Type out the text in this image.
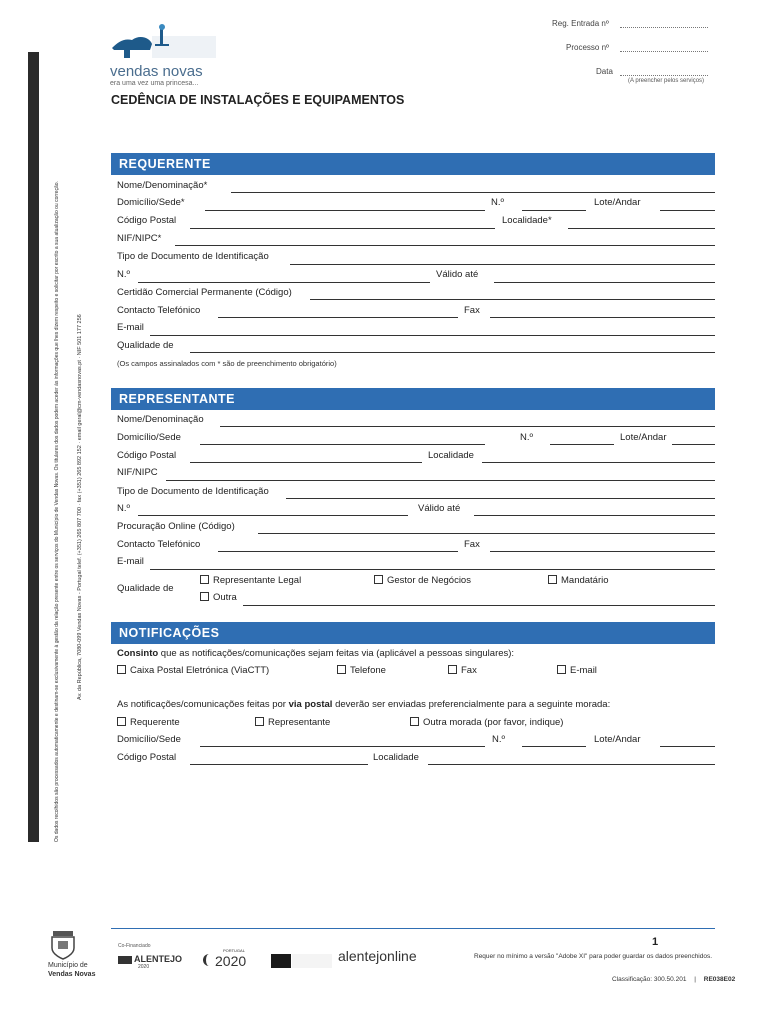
Os dados recolhidos são processados automaticamente e destinam-se exclusivamente à gestão da relação presente entre os serviços do Município de Vendas Novas. Os titulares dos dados podem aceder às informações que lhes dizem respeito e solicitar por escrito a sua atualização ou correção.	Av. da República, 7080-099 Vendas Novas - Portugal telef. (+351) 265 807 700 · fax (+351) 265 892 152 · email geral@cm-vendasnovas.pt · NIF 501 177 256
vendas novas
era uma vez uma princesa...
Reg. Entrada nº
Processo nº
Data
(A preencher pelos serviços)
CEDÊNCIA DE INSTALAÇÕES E EQUIPAMENTOS
REQUERENTE
Nome/Denominação*
Domicílio/Sede*	N.º	Lote/Andar
Código Postal	Localidade*
NIF/NIPC*
Tipo de Documento de Identificação
N.º	Válido até
Certidão Comercial Permanente (Código)
Contacto Telefónico	Fax
E-mail
Qualidade de
(Os campos assinalados com * são de preenchimento obrigatório)
REPRESENTANTE
Nome/Denominação
Domicílio/Sede	N.º	Lote/Andar
Código Postal	Localidade
NIF/NIPC
Tipo de Documento de Identificação
N.º	Válido até
Procuração Online (Código)
Contacto Telefónico	Fax
E-mail
Qualidade de
Representante Legal	Gestor de Negócios	Mandatário
Outra
NOTIFICAÇÕES
Consinto que as notificações/comunicações sejam feitas via (aplicável a pessoas singulares):
Caixa Postal Eletrónica (ViaCTT)	Telefone	Fax	E-mail
As notificações/comunicações feitas por via postal deverão ser enviadas preferencialmente para a seguinte morada:
Requerente	Representante	Outra morada (por favor, indique)
Domicílio/Sede	N.º	Lote/Andar
Código Postal	Localidade
Município de
Vendas Novas
Co-Financiado
ALENTEJO
2020
PORTUGAL
2020	alentejonline
1
Requer no mínimo a versão "Adobe XI" para poder guardar os dados preenchidos.
Classificação: 300.50.201 | RE038E02
